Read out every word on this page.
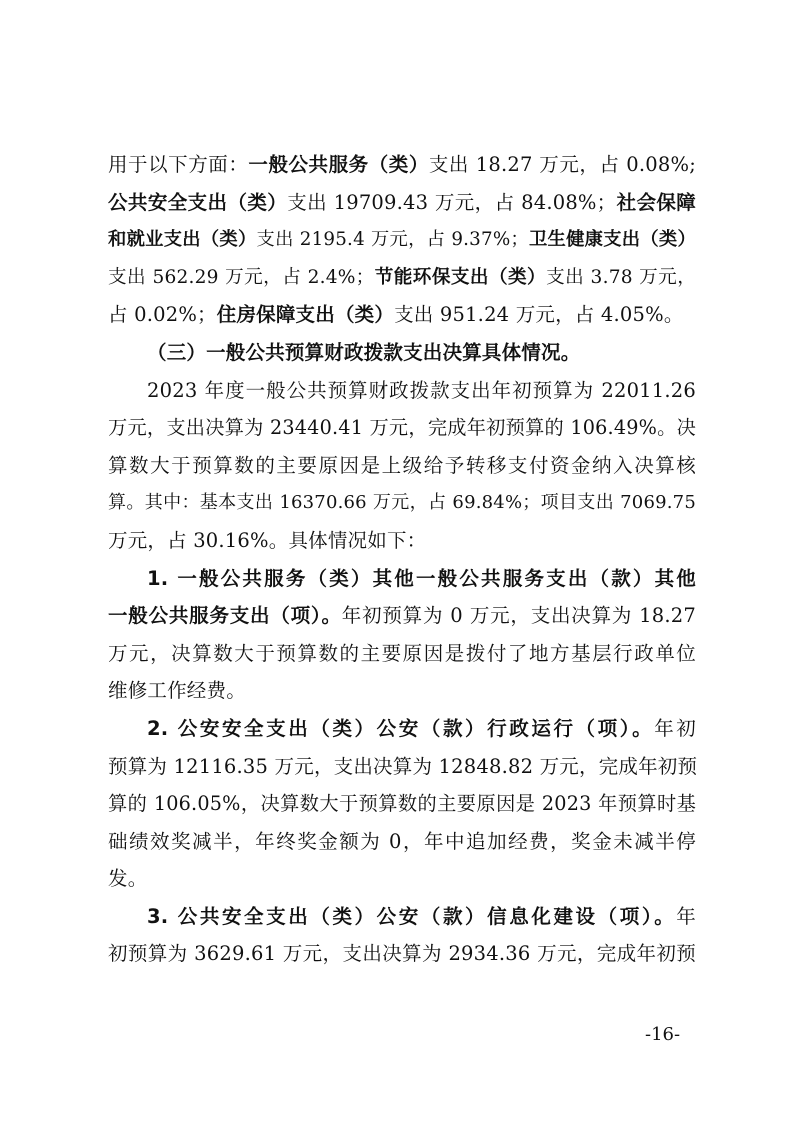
用于以下方面：一般公共服务（类）支出 18.27 万元，占 0.08%;
公共安全支出（类）支出 19709.43 万元，占 84.08%；社会保障
和就业支出（类）支出 2195.4 万元，占 9.37%；卫生健康支出（类）
支出 562.29 万元，占 2.4%；节能环保支出（类）支出 3.78 万元，
占 0.02%；住房保障支出（类）支出 951.24 万元，占 4.05%。
（三）一般公共预算财政拨款支出决算具体情况。
2023 年度一般公共预算财政拨款支出年初预算为 22011.26
万元，支出决算为 23440.41 万元，完成年初预算的 106.49%。决
算数大于预算数的主要原因是上级给予转移支付资金纳入决算核
算。其中：基本支出 16370.66 万元，占 69.84%；项目支出 7069.75
万元，占 30.16%。具体情况如下：
1. 一般公共服务（类）其他一般公共服务支出（款）其他
一般公共服务支出（项）。年初预算为 0 万元，支出决算为 18.27
万元，决算数大于预算数的主要原因是拨付了地方基层行政单位
维修工作经费。
2. 公安安全支出（类）公安（款）行政运行（项）。年初
预算为 12116.35 万元，支出决算为 12848.82 万元，完成年初预
算的 106.05%，决算数大于预算数的主要原因是 2023 年预算时基
础绩效奖减半，年终奖金额为 0，年中追加经费，奖金未减半停
发。
3. 公共安全支出（类）公安（款）信息化建设（项）。年
初预算为 3629.61 万元，支出决算为 2934.36 万元，完成年初预
-16-
